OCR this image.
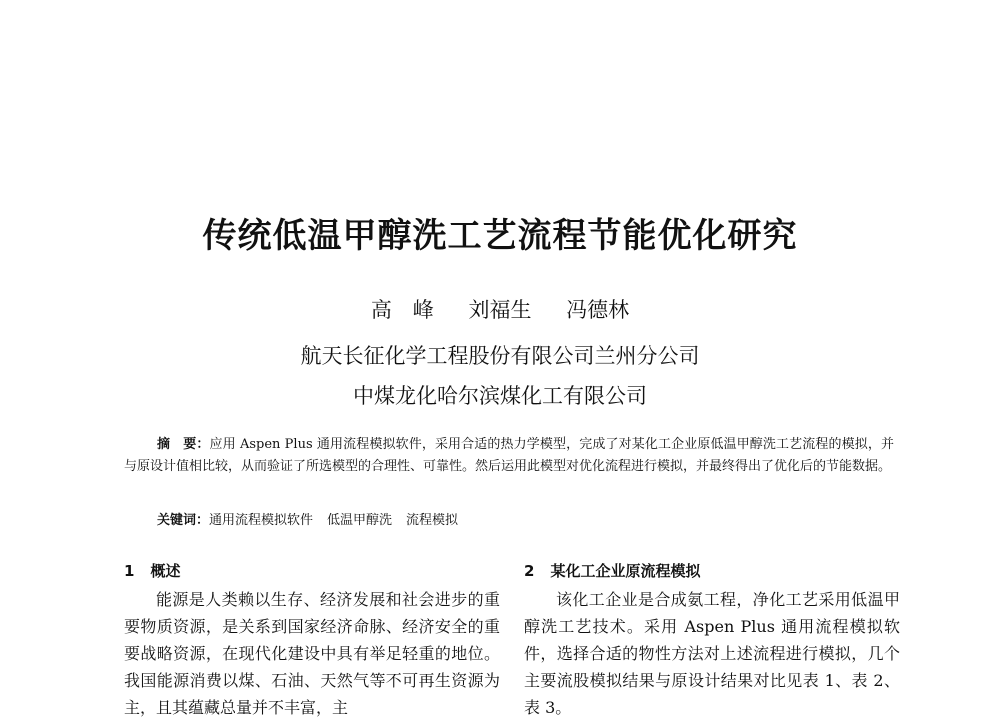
传统低温甲醇洗工艺流程节能优化研究
高　峰 刘福生 冯德林
航天长征化学工程股份有限公司兰州分公司
中煤龙化哈尔滨煤化工有限公司

摘　要：应用 Aspen Plus 通用流程模拟软件，采用合适的热力学模型，完成了对某化工企业原低温甲醇洗工艺流程的模拟，并与原设计值相比较，从而验证了所选模型的合理性、可靠性。然后运用此模型对优化流程进行模拟，并最终得出了优化后的节能数据。

关键词：通用流程模拟软件 低温甲醇洗 流程模拟

1 概述

能源是人类赖以生存、经济发展和社会进步的重要物质资源，是关系到国家经济命脉、经济安全的重要战略资源，在现代化建设中具有举足轻重的地位。我国能源消费以煤、石油、天然气等不可再生资源为主，且其蕴藏总量并不丰富，主

2 某化工企业原流程模拟

该化工企业是合成氨工程，净化工艺采用低温甲醇洗工艺技术。采用 Aspen Plus 通用流程模拟软件，选择合适的物性方法对上述流程进行模拟，几个主要流股模拟结果与原设计结果对比见表 1、表 2、表 3。
